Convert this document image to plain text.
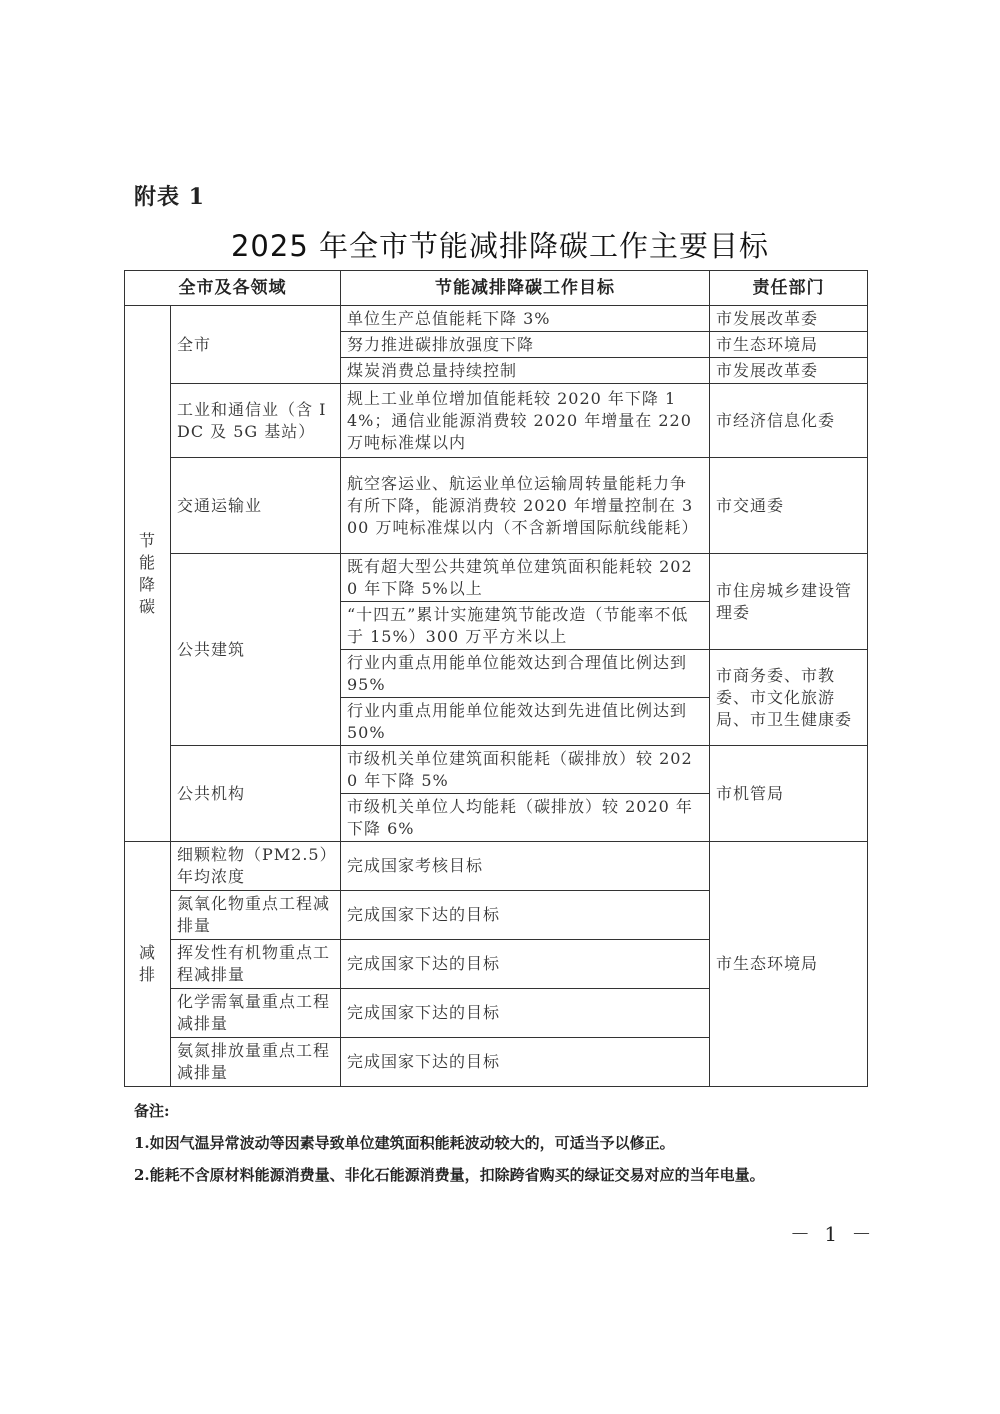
附表 1
2025 年全市节能减排降碳工作主要目标
全市及各领域		节能减排降碳工作目标	责任部门

节
能
降
碳	全市	单位生产总值能耗下降 3%	市发展改革委
		努力推进碳排放强度下降	市生态环境局
		煤炭消费总量持续控制	市发展改革委
	工业和通信业（含 IDC 及 5G 基站）	规上工业单位增加值能耗较 2020 年下降 14%；通信业能源消费较 2020 年增量在 220 万吨标准煤以内	市经济信息化委
	交通运输业	航空客运业、航运业单位运输周转量能耗力争有所下降，能源消费较 2020 年增量控制在 300 万吨标准煤以内（不含新增国际航线能耗）	市交通委
	公共建筑	既有超大型公共建筑单位建筑面积能耗较 2020 年下降 5%以上	市住房城乡建设管理委
		“十四五”累计实施建筑节能改造（节能率不低于 15%）300 万平方米以上	
		行业内重点用能单位能效达到合理值比例达到 95%	市商务委、市教委、市文化旅游局、市卫生健康委
		行业内重点用能单位能效达到先进值比例达到 50%	
	公共机构	市级机关单位建筑面积能耗（碳排放）较 2020 年下降 5%	市机管局
		市级机关单位人均能耗（碳排放）较 2020 年下降 6%	

减
排	细颗粒物（PM2.5）年均浓度	完成国家考核目标	市生态环境局
	氮氧化物重点工程减排量	完成国家下达的目标	
	挥发性有机物重点工程减排量	完成国家下达的目标	
	化学需氧量重点工程减排量	完成国家下达的目标	
	氨氮排放量重点工程减排量	完成国家下达的目标	
备注:
1.如因气温异常波动等因素导致单位建筑面积能耗波动较大的，可适当予以修正。
2.能耗不含原材料能源消费量、非化石能源消费量，扣除跨省购买的绿证交易对应的当年电量。
－ 1 －
